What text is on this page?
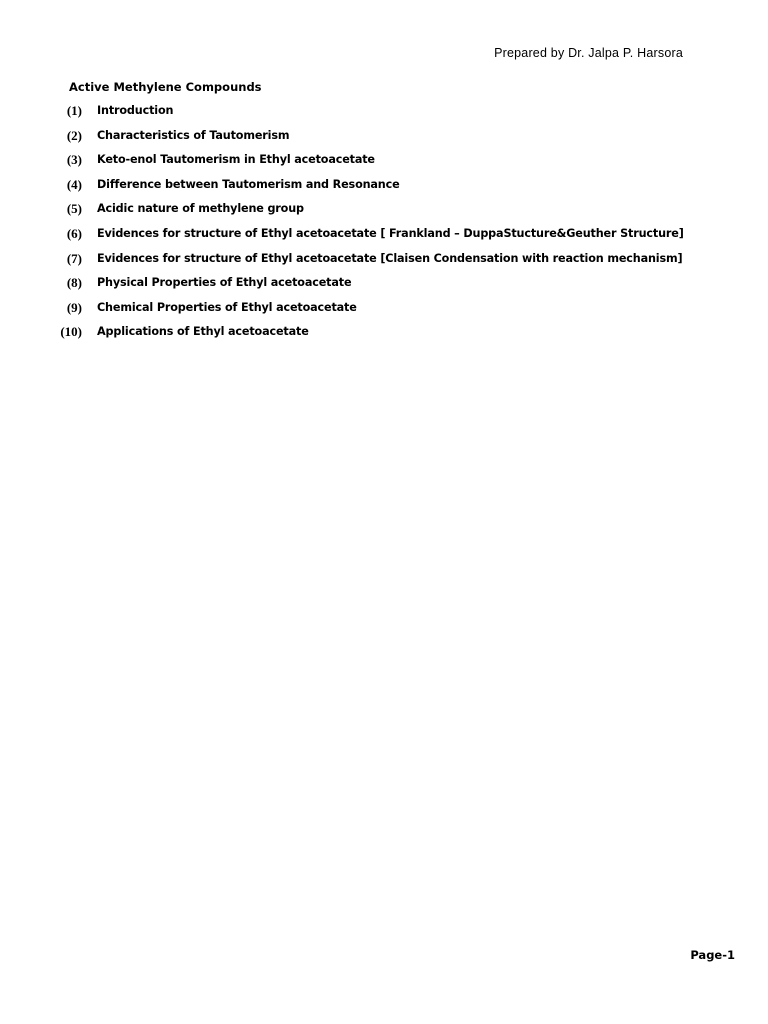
Prepared by Dr. Jalpa P. Harsora
Active Methylene Compounds
(1) Introduction
(2) Characteristics of Tautomerism
(3) Keto-enol Tautomerism in Ethyl acetoacetate
(4) Difference between Tautomerism and Resonance
(5) Acidic nature of methylene group
(6) Evidences for structure of Ethyl acetoacetate [ Frankland – DuppaStucture&Geuther Structure]
(7) Evidences for structure of Ethyl acetoacetate [Claisen Condensation with reaction mechanism]
(8) Physical Properties of Ethyl acetoacetate
(9) Chemical Properties of Ethyl acetoacetate
(10) Applications of Ethyl acetoacetate
Page-1
